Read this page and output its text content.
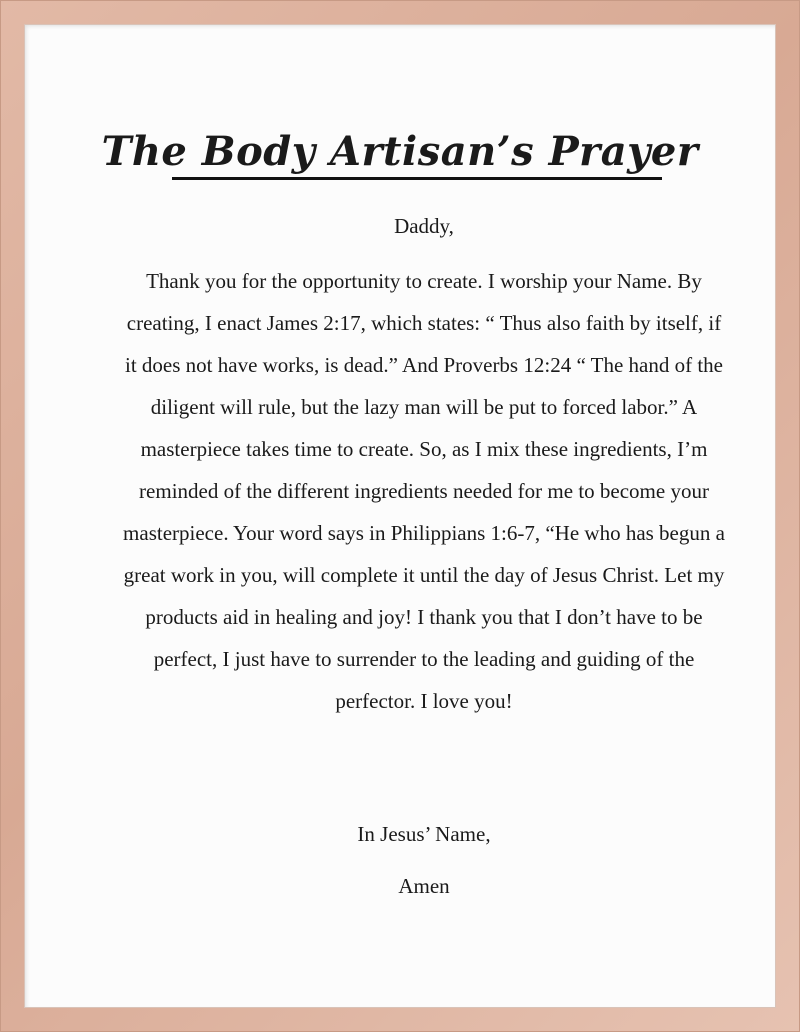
The Body Artisan’s Prayer

Daddy,

Thank you for the opportunity to create. I worship your Name. By creating, I enact James 2:17, which states: “ Thus also faith by itself, if it does not have works, is dead.” And Proverbs 12:24 “ The hand of the diligent will rule, but the lazy man will be put to forced labor.” A masterpiece takes time to create. So, as I mix these ingredients, I’m reminded of the different ingredients needed for me to become your masterpiece. Your word says in Philippians 1:6-7, “He who has begun a great work in you, will complete it until the day of Jesus Christ. Let my products aid in healing and joy! I thank you that I don’t have to be perfect, I just have to surrender to the leading and guiding of the perfector. I love you!

In Jesus’ Name,

Amen
